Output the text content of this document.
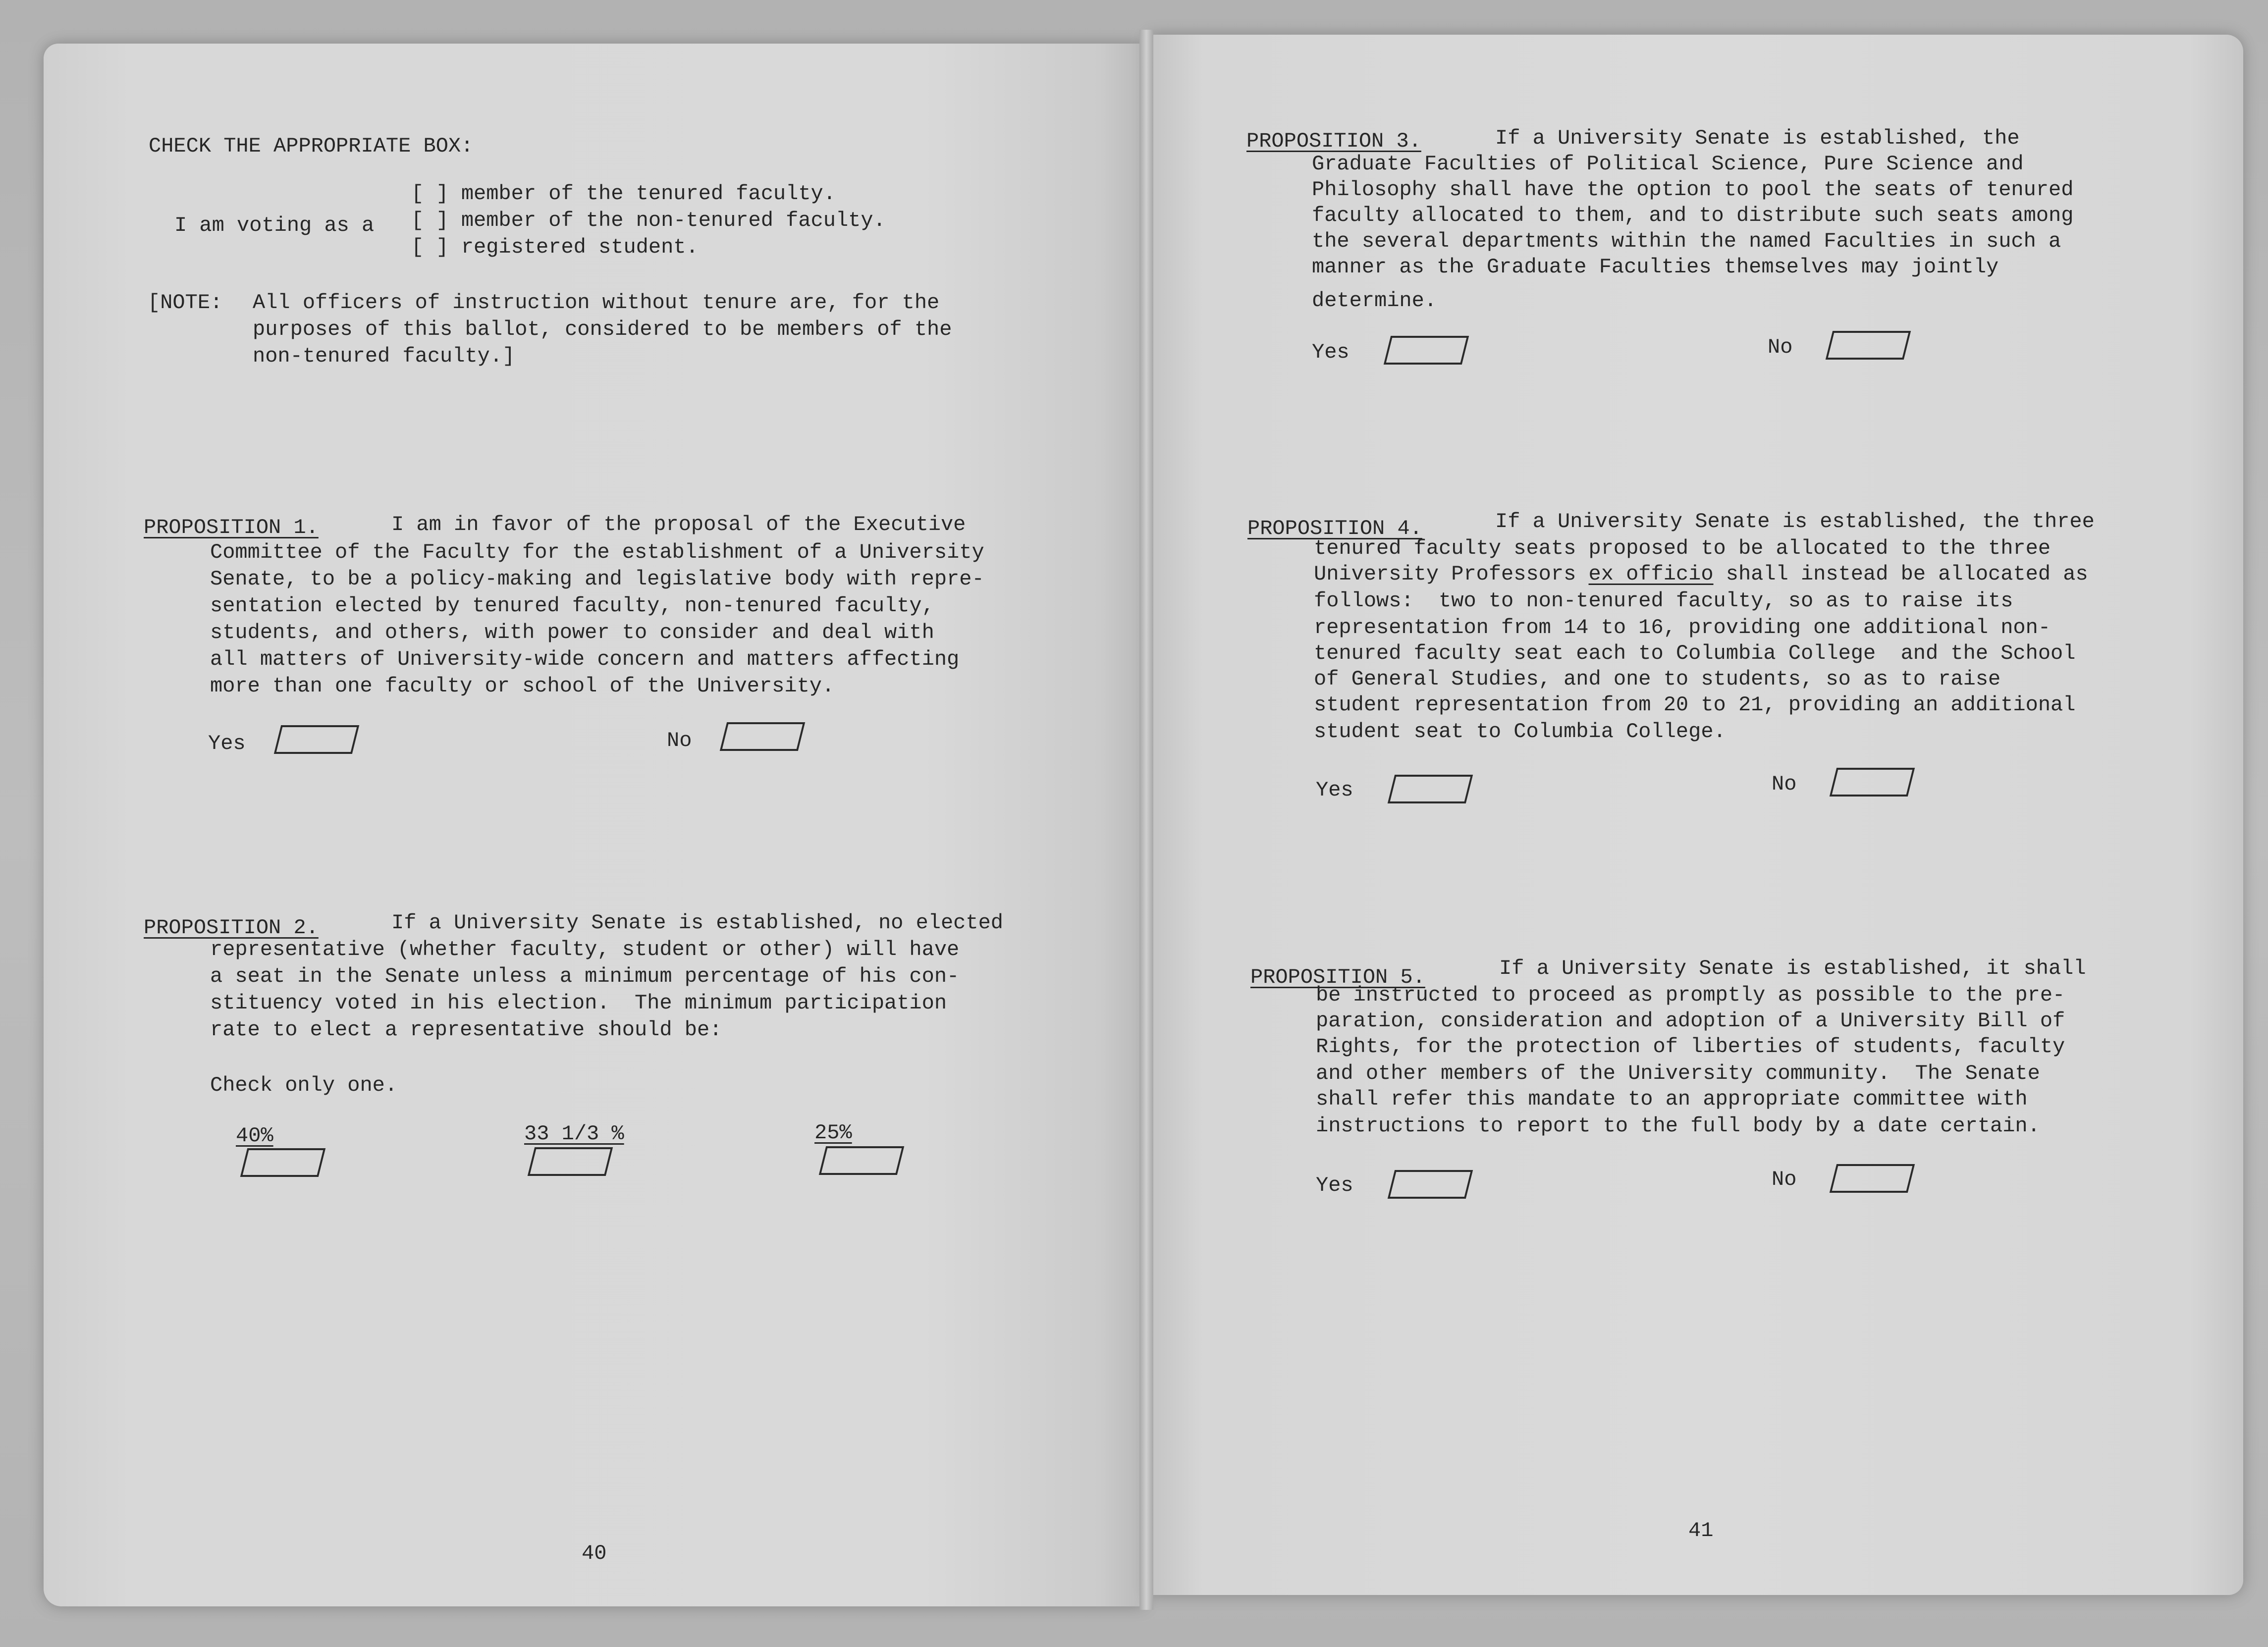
CHECK THE APPROPRIATE BOX:

I am voting as a

[ ] member of the tenured faculty.

[ ] member of the non-tenured faculty.

[ ] registered student.

[NOTE: All officers of instruction without tenure are, for the

purposes of this ballot, considered to be members of the

non-tenured faculty.]

PROPOSITION 1.	I am in favor of the proposal of the Executive

Committee of the Faculty for the establishment of a University

Senate, to be a policy-making and legislative body with repre-

sentation elected by tenured faculty, non-tenured faculty,

students, and others, with power to consider and deal with

all matters of University-wide concern and matters affecting

more than one faculty or school of the University.

Yes	No

PROPOSITION 2.	If a University Senate is established, no elected

representative (whether faculty, student or other) will have

a seat in the Senate unless a minimum percentage of his con-

stituency voted in his election.  The minimum participation

rate to elect a representative should be:

Check only one.

40%	33 1/3 %	25%

40

PROPOSITION 3.	If a University Senate is established, the

Graduate Faculties of Political Science, Pure Science and

Philosophy shall have the option to pool the seats of tenured

faculty allocated to them, and to distribute such seats among

the several departments within the named Faculties in such a

manner as the Graduate Faculties themselves may jointly

determine.

Yes	No

PROPOSITION 4.	If a University Senate is established, the three

tenured faculty seats proposed to be allocated to the three

University Professors ex officio shall instead be allocated as

follows:  two to non-tenured faculty, so as to raise its

representation from 14 to 16, providing one additional non-

tenured faculty seat each to Columbia College  and the School

of General Studies, and one to students, so as to raise

student representation from 20 to 21, providing an additional

student seat to Columbia College.

Yes	No

PROPOSITION 5.	If a University Senate is established, it shall

be instructed to proceed as promptly as possible to the pre-

paration, consideration and adoption of a University Bill of

Rights, for the protection of liberties of students, faculty

and other members of the University community.  The Senate

shall refer this mandate to an appropriate committee with

instructions to report to the full body by a date certain.

Yes	No

41
